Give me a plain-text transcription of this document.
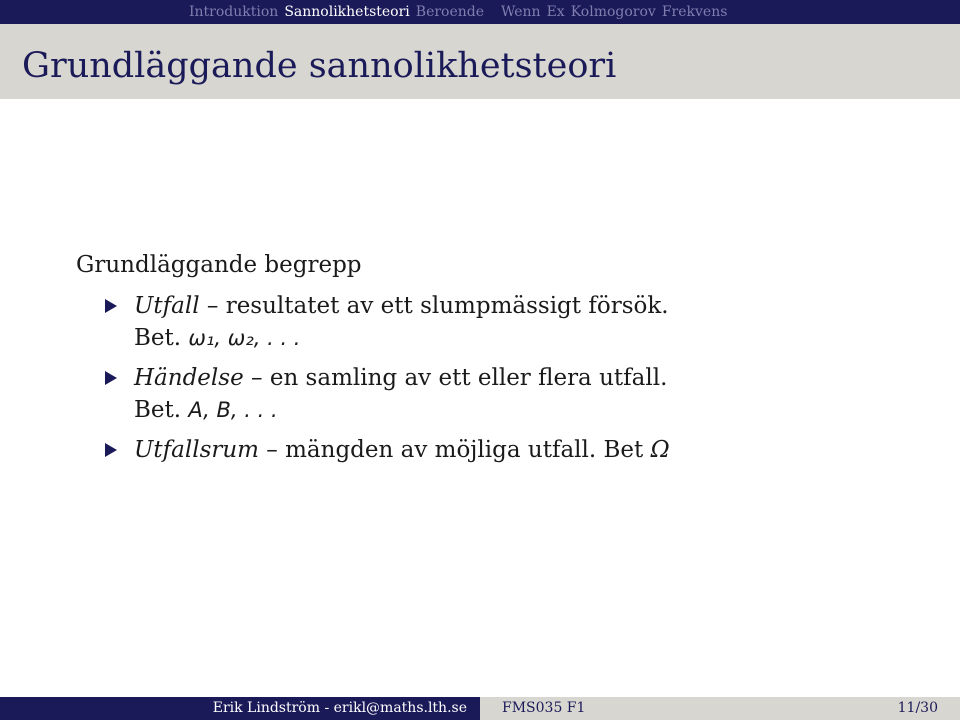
Introduktion Sannolikhetsteori Beroende	Wenn Ex Kolmogorov Frekvens
Grundläggande sannolikhetsteori
Grundläggande begrepp
Utfall – resultatet av ett slumpmässigt försök.
Bet. ω₁, ω₂, . . .
Händelse – en samling av ett eller flera utfall.
Bet. A, B, . . .
Utfallsrum – mängden av möjliga utfall. Bet Ω
Erik Lindström - erikl@maths.lth.se	FMS035 F1	11/30
